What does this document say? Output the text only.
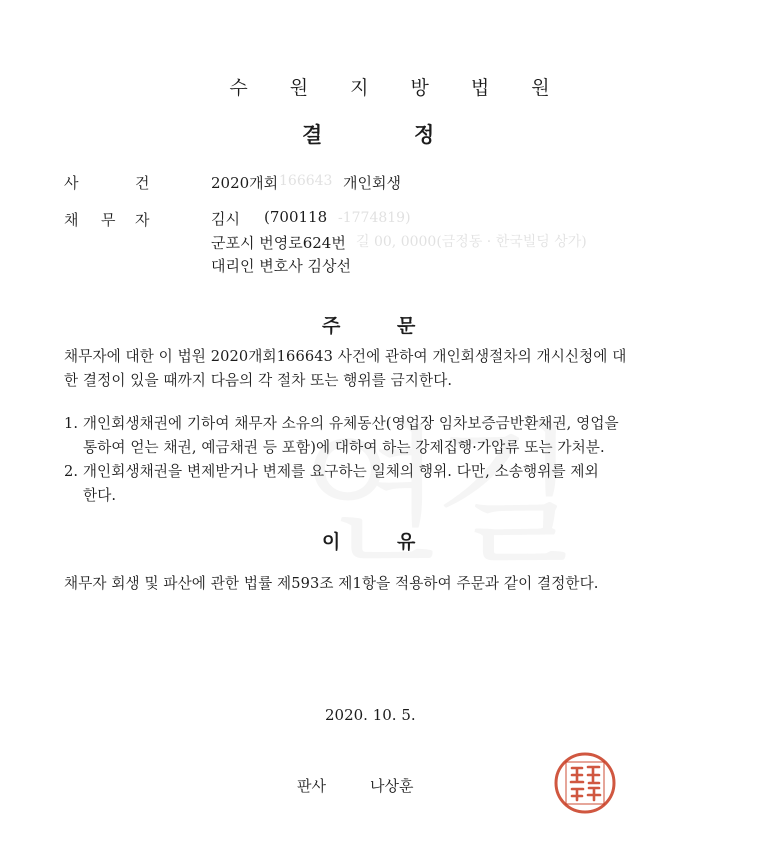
수 원 지 방 법 원
결	정
사	건	2020개회 166643 개인회생
채 무 자	김시 (700118 -1774819)
군포시 번영로624번 길 00, 0000(금정동 · 한국빌딩 상가)
대리인 변호사 김상선
주	문
채무자에 대한 이 법원 2020개회166643 사건에 관하여 개인회생절차의 개시신청에 대
한 결정이 있을 때까지 다음의 각 절차 또는 행위를 금지한다.
1. 개인회생채권에 기하여 채무자 소유의 유체동산(영업장 임차보증금반환채권, 영업을
통하여 얻는 채권, 예금채권 등 포함)에 대하여 하는 강제집행·가압류 또는 가처분.
2. 개인회생채권을 변제받거나 변제를 요구하는 일체의 행위. 다만, 소송행위를 제외
한다.
이	유
채무자 회생 및 파산에 관한 법률 제593조 제1항을 적용하여 주문과 같이 결정한다.
2020. 10. 5.
판사	나상훈
